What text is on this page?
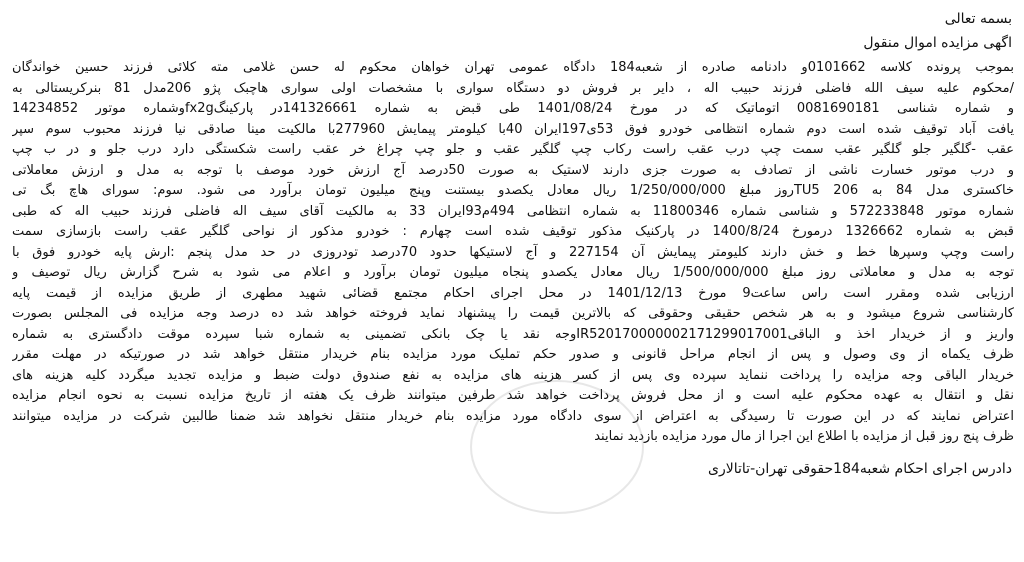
بسمه تعالی

اگهی مزایده اموال منقول

بموجب پرونده کلاسه 0101662و دادنامه صادره از شعبه184 دادگاه عمومی تهران خواهان محکوم له حسن غلامی مته کلائی فرزند حسین خواندگان

/محکوم علیه سیف الله فاضلی فرزند حبیب اله ، دایر بر فروش دو دستگاه سواری با مشخصات اولی سواری هاچبک پژو 206مدل 81 بنرکریستالی به

و شماره شناسی 0081690181 اتوماتیک که در مورخ 1401/08/24 طی قبض به شماره 141326661در پارکینگfx2gوشماره موتور 14234852

یافت آباد توقیف شده است دوم شماره انتظامی خودرو فوق 53ی197ایران 40با کیلومتر پیمایش 277960با مالکیت مینا صادقی نیا فرزند محبوب سوم سپر

عقب -گلگیر جلو گلگیر عقب سمت چپ درب عقب راست رکاب چپ گلگیر عقب و جلو چپ چراغ خر عقب راست شکستگی دارد درب جلو و در ب چپ

و درب موتور خسارت ناشی از تصادف به صورت جزی دارند لاستیک به صورت 50درصد آج ارزش خورد موصف با توجه به مدل و ارزش معاملاتی

خاکستری مدل 84 به 206 TU5روز مبلغ 1/250/000/000 ریال معادل یکصدو بیستنت وپنج میلیون تومان برآورد می شود. سوم: سورای هاچ بگ تی

شماره موتور 572233848 و شناسی شماره 11800346 به شماره انتظامی 494م93ایران 33 به مالکیت آقای سیف اله فاضلی فرزند حبیب اله که طبی

قبض به شماره 1326662 درمورخ 1400/8/24 در پارکنیک مذکور توقیف شده است چهارم : خودرو مذکور از نواحی گلگیر عقب راست بازسازی سمت

راست وچپ وسپرها خط و خش دارند کلیومتر پیمایش آن 227154 و آج لاستیکها حدود 70درصد تودروزی در حد مدل پنجم :ارش پایه خودرو فوق با

توجه به مدل و معاملاتی روز مبلغ 1/500/000/000 ریال معادل یکصدو پنجاه میلیون تومان برآورد و اعلام می شود به شرح گزارش ریال توصیف و

ارزیابی شده ومقرر است راس ساعت9 مورخ 1401/12/13 در محل اجرای احکام مجتمع قضائی شهید مطهری از طریق مزایده از قیمت پایه

کارشناسی شروع میشود و به هر شخص حقیقی وحقوقی که بالاترین قیمت را پیشنهاد نماید فروخته خواهد شد ده درصد وجه مزایده فی المجلس بصورت

واریز و از خریدار اخذ و الباقیIR520170000002171299017001وجه نقد یا چک بانکی تضمینی به شماره شبا سپرده موقت دادگستری به شماره

ظرف یکماه از وی وصول و پس از انجام مراحل قانونی و صدور حکم تملیک مورد مزایده بنام خریدار منتقل خواهد شد در صورتیکه در مهلت مقرر

خریدار الباقی وجه مزایده را پرداخت ننماید سپرده وی پس از کسر هزینه های مزایده به نفع صندوق دولت ضبط و مزایده تجدید میگردد کلیه هزینه های

نقل و انتقال به عهده محکوم علیه است و از محل فروش پرداخت خواهد شد طرفین میتوانند ظرف یک هفته از تاریخ مزایده نسبت به نحوه انجام مزایده

اعتراض نمایند که در این صورت تا رسیدگی به اعتراض از سوی دادگاه مورد مزایده بنام خریدار منتقل نخواهد شد ضمنا طالبین شرکت در مزایده میتوانند

ظرف پنج روز قبل از مزایده با اطلاع این اجرا از مال مورد مزایده بازدید نمایند

دادرس اجرای احکام شعبه184حقوقی تهران-تاتالاری
